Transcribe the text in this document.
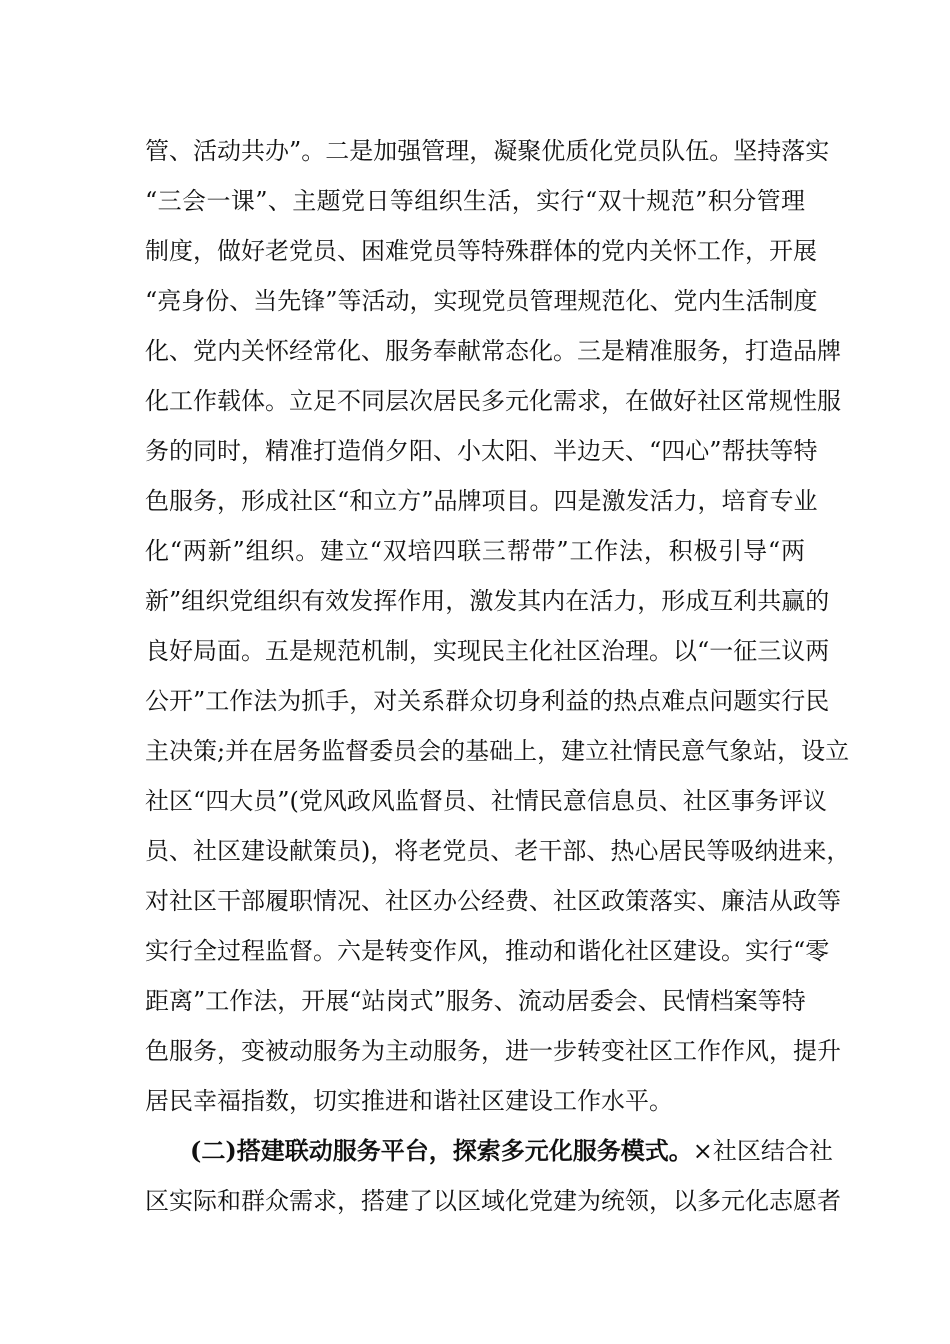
管、活动共办”。二是加强管理，凝聚优质化党员队伍。坚持落实
“三会一课”、主题党日等组织生活，实行“双十规范”积分管理
制度，做好老党员、困难党员等特殊群体的党内关怀工作，开展
“亮身份、当先锋”等活动，实现党员管理规范化、党内生活制度
化、党内关怀经常化、服务奉献常态化。三是精准服务，打造品牌
化工作载体。立足不同层次居民多元化需求，在做好社区常规性服
务的同时，精准打造俏夕阳、小太阳、半边天、“四心”帮扶等特
色服务，形成社区“和立方”品牌项目。四是激发活力，培育专业
化“两新”组织。建立“双培四联三帮带”工作法，积极引导“两
新”组织党组织有效发挥作用，激发其内在活力，形成互利共赢的
良好局面。五是规范机制，实现民主化社区治理。以“一征三议两
公开”工作法为抓手，对关系群众切身利益的热点难点问题实行民
主决策;并在居务监督委员会的基础上，建立社情民意气象站，设立
社区“四大员”(党风政风监督员、社情民意信息员、社区事务评议
员、社区建设献策员)，将老党员、老干部、热心居民等吸纳进来，
对社区干部履职情况、社区办公经费、社区政策落实、廉洁从政等
实行全过程监督。六是转变作风，推动和谐化社区建设。实行“零
距离”工作法，开展“站岗式”服务、流动居委会、民情档案等特
色服务，变被动服务为主动服务，进一步转变社区工作作风，提升
居民幸福指数，切实推进和谐社区建设工作水平。
(二)搭建联动服务平台，探索多元化服务模式。×社区结合社
区实际和群众需求，搭建了以区域化党建为统领，以多元化志愿者
